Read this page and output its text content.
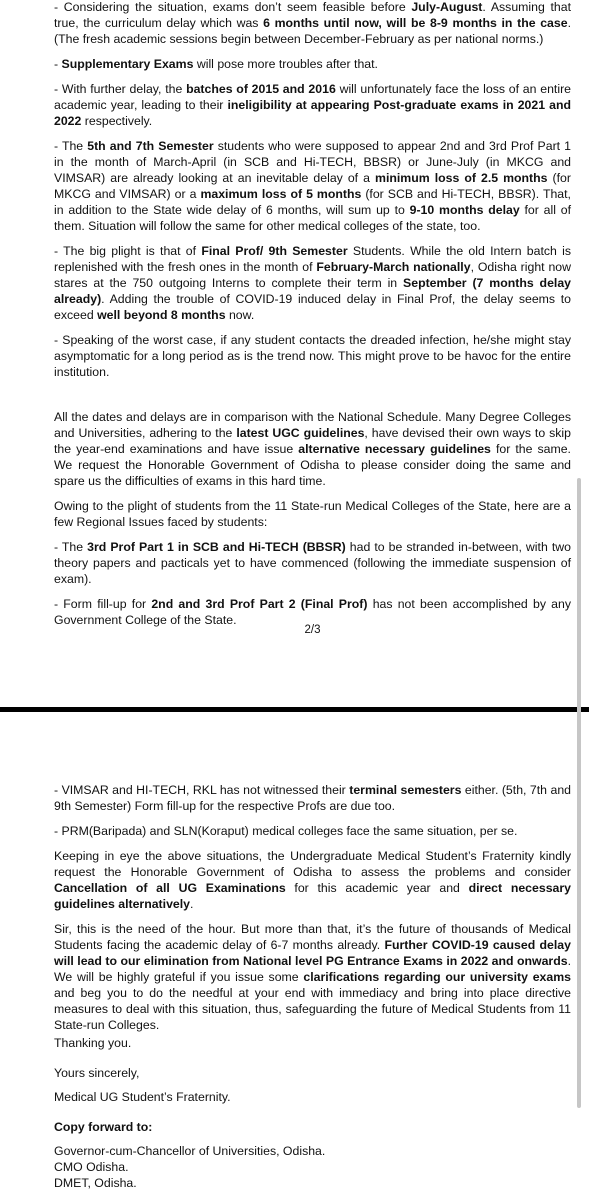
- Considering the situation, exams don’t seem feasible before July-August. Assuming that true, the curriculum delay which was 6 months until now, will be 8-9 months in the case. (The fresh academic sessions begin between December-February as per national norms.)

- Supplementary Exams will pose more troubles after that.

- With further delay, the batches of 2015 and 2016 will unfortunately face the loss of an entire academic year, leading to their ineligibility at appearing Post-graduate exams in 2021 and 2022 respectively.

- The 5th and 7th Semester students who were supposed to appear 2nd and 3rd Prof Part 1 in the month of March-April (in SCB and Hi-TECH, BBSR) or June-July (in MKCG and VIMSAR) are already looking at an inevitable delay of a minimum loss of 2.5 months (for MKCG and VIMSAR) or a maximum loss of 5 months (for SCB and Hi-TECH, BBSR). That, in addition to the State wide delay of 6 months, will sum up to 9-10 months delay for all of them. Situation will follow the same for other medical colleges of the state, too.

- The big plight is that of Final Prof/ 9th Semester Students. While the old Intern batch is replenished with the fresh ones in the month of February-March nationally, Odisha right now stares at the 750 outgoing Interns to complete their term in September (7 months delay already). Adding the trouble of COVID-19 induced delay in Final Prof, the delay seems to exceed well beyond 8 months now.

- Speaking of the worst case, if any student contacts the dreaded infection, he/she might stay asymptomatic for a long period as is the trend now. This might prove to be havoc for the entire institution.

All the dates and delays are in comparison with the National Schedule. Many Degree Colleges and Universities, adhering to the latest UGC guidelines, have devised their own ways to skip the year-end examinations and have issue alternative necessary guidelines for the same. We request the Honorable Government of Odisha to please consider doing the same and spare us the difficulties of exams in this hard time.

Owing to the plight of students from the 11 State-run Medical Colleges of the State, here are a few Regional Issues faced by students:

- The 3rd Prof Part 1 in SCB and Hi-TECH (BBSR) had to be stranded in-between, with two theory papers and pacticals yet to have commenced (following the immediate suspension of exam).

- Form fill-up for 2nd and 3rd Prof Part 2 (Final Prof) has not been accomplished by any Government College of the State.

2/3

- VIMSAR and HI-TECH, RKL has not witnessed their terminal semesters either. (5th, 7th and 9th Semester) Form fill-up for the respective Profs are due too.

- PRM(Baripada) and SLN(Koraput) medical colleges face the same situation, per se.

Keeping in eye the above situations, the Undergraduate Medical Student’s Fraternity kindly request the Honorable Government of Odisha to assess the problems and consider Cancellation of all UG Examinations for this academic year and direct necessary guidelines alternatively.

Sir, this is the need of the hour. But more than that, it’s the future of thousands of Medical Students facing the academic delay of 6-7 months already. Further COVID-19 caused delay will lead to our elimination from National level PG Entrance Exams in 2022 and onwards. We will be highly grateful if you issue some clarifications regarding our university exams and beg you to do the needful at your end with immediacy and bring into place directive measures to deal with this situation, thus, safeguarding the future of Medical Students from 11 State-run Colleges.

Thanking you.

Yours sincerely,

Medical UG Student’s Fraternity.

Copy forward to:
Governor-cum-Chancellor of Universities, Odisha.
CMO Odisha.
DMET, Odisha.
